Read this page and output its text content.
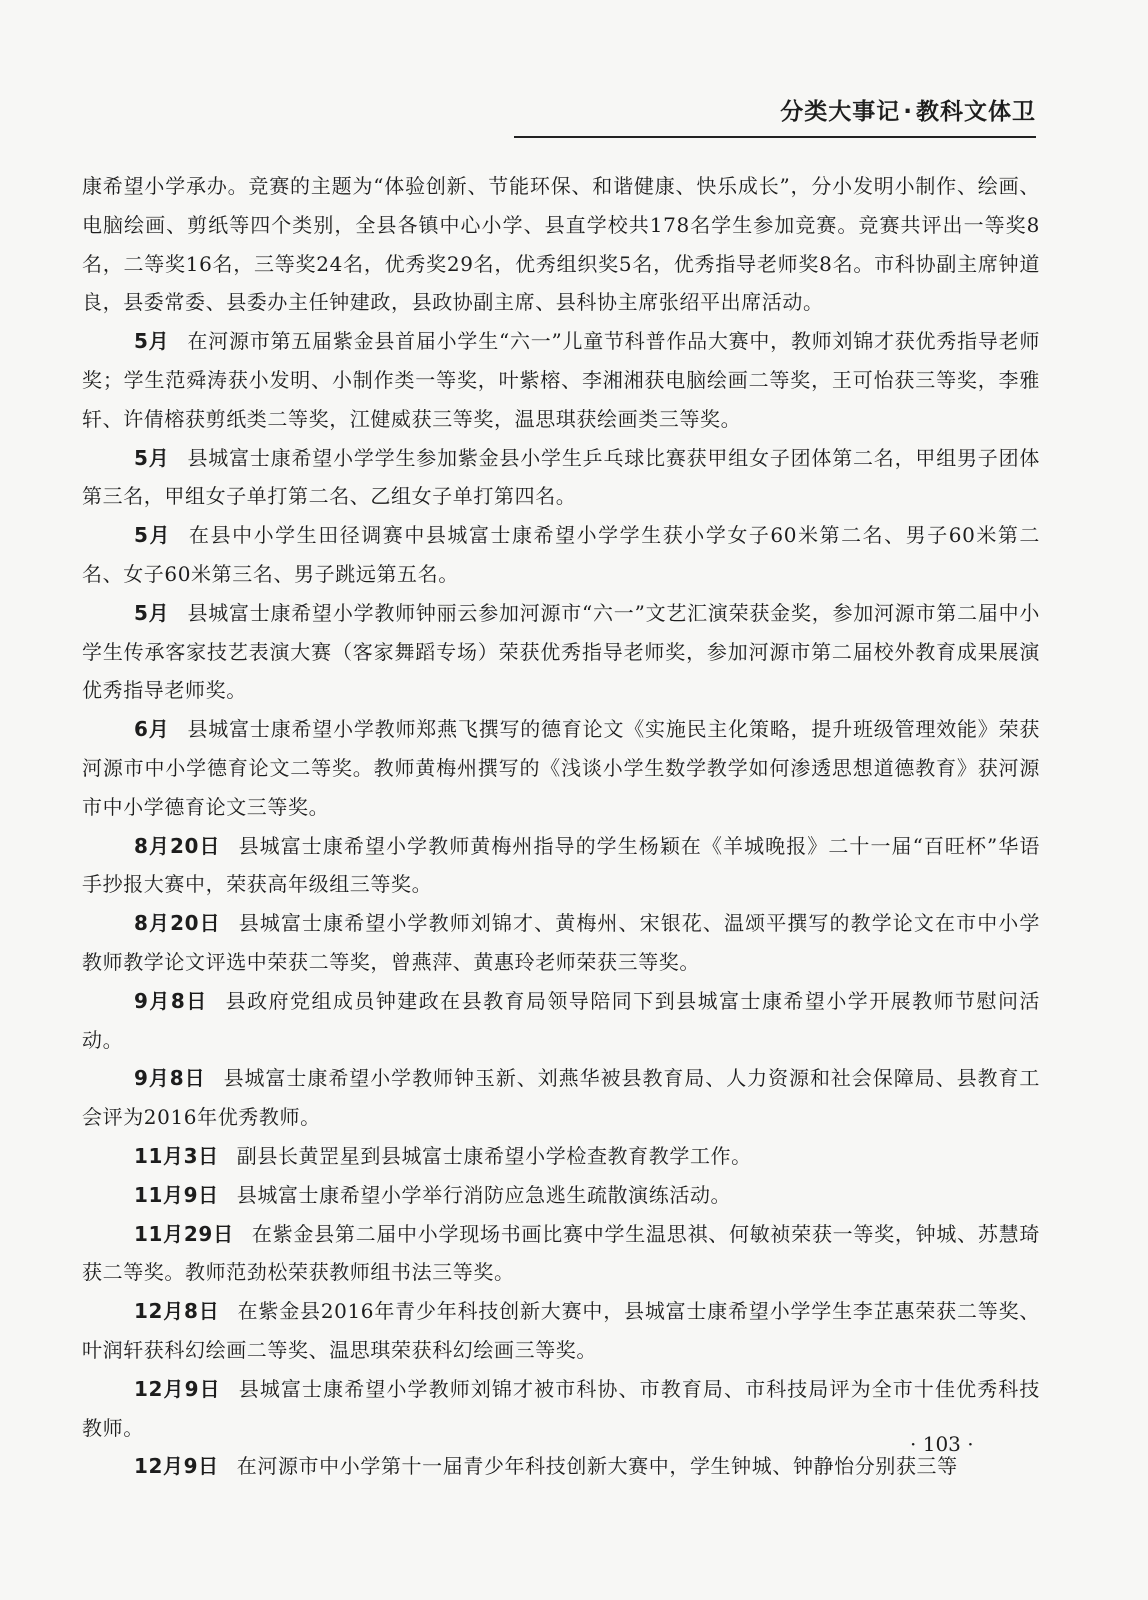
分类大事记 · 教科文体卫

康希望小学承办。竞赛的主题为“体验创新、节能环保、和谐健康、快乐成长”，分小发明小制作、绘画、电脑绘画、剪纸等四个类别，全县各镇中心小学、县直学校共178名学生参加竞赛。竞赛共评出一等奖8名，二等奖16名，三等奖24名，优秀奖29名，优秀组织奖5名，优秀指导老师奖8名。市科协副主席钟道良，县委常委、县委办主任钟建政，县政协副主席、县科协主席张绍平出席活动。

5月 在河源市第五届紫金县首届小学生“六一”儿童节科普作品大赛中，教师刘锦才获优秀指导老师奖；学生范舜涛获小发明、小制作类一等奖，叶紫榕、李湘湘获电脑绘画二等奖，王可怡获三等奖，李雅轩、许倩榕获剪纸类二等奖，江健威获三等奖，温思琪获绘画类三等奖。

5月 县城富士康希望小学学生参加紫金县小学生乒乓球比赛获甲组女子团体第二名，甲组男子团体第三名，甲组女子单打第二名、乙组女子单打第四名。

5月 在县中小学生田径调赛中县城富士康希望小学学生获小学女子60米第二名、男子60米第二名、女子60米第三名、男子跳远第五名。

5月 县城富士康希望小学教师钟丽云参加河源市“六一”文艺汇演荣获金奖，参加河源市第二届中小学生传承客家技艺表演大赛（客家舞蹈专场）荣获优秀指导老师奖，参加河源市第二届校外教育成果展演优秀指导老师奖。

6月 县城富士康希望小学教师郑燕飞撰写的德育论文《实施民主化策略，提升班级管理效能》荣获河源市中小学德育论文二等奖。教师黄梅州撰写的《浅谈小学生数学教学如何渗透思想道德教育》获河源市中小学德育论文三等奖。

8月20日 县城富士康希望小学教师黄梅州指导的学生杨颖在《羊城晚报》二十一届“百旺杯”华语手抄报大赛中，荣获高年级组三等奖。

8月20日 县城富士康希望小学教师刘锦才、黄梅州、宋银花、温颂平撰写的教学论文在市中小学教师教学论文评选中荣获二等奖，曾燕萍、黄惠玲老师荣获三等奖。

9月8日 县政府党组成员钟建政在县教育局领导陪同下到县城富士康希望小学开展教师节慰问活动。

9月8日 县城富士康希望小学教师钟玉新、刘燕华被县教育局、人力资源和社会保障局、县教育工会评为2016年优秀教师。

11月3日 副县长黄罡星到县城富士康希望小学检查教育教学工作。

11月9日 县城富士康希望小学举行消防应急逃生疏散演练活动。

11月29日 在紫金县第二届中小学现场书画比赛中学生温思祺、何敏祯荣获一等奖，钟城、苏慧琦获二等奖。教师范劲松荣获教师组书法三等奖。

12月8日 在紫金县2016年青少年科技创新大赛中，县城富士康希望小学学生李芷惠荣获二等奖、叶润轩获科幻绘画二等奖、温思琪荣获科幻绘画三等奖。

12月9日 县城富士康希望小学教师刘锦才被市科协、市教育局、市科技局评为全市十佳优秀科技教师。

12月9日 在河源市中小学第十一届青少年科技创新大赛中，学生钟城、钟静怡分别获三等

· 103 ·
